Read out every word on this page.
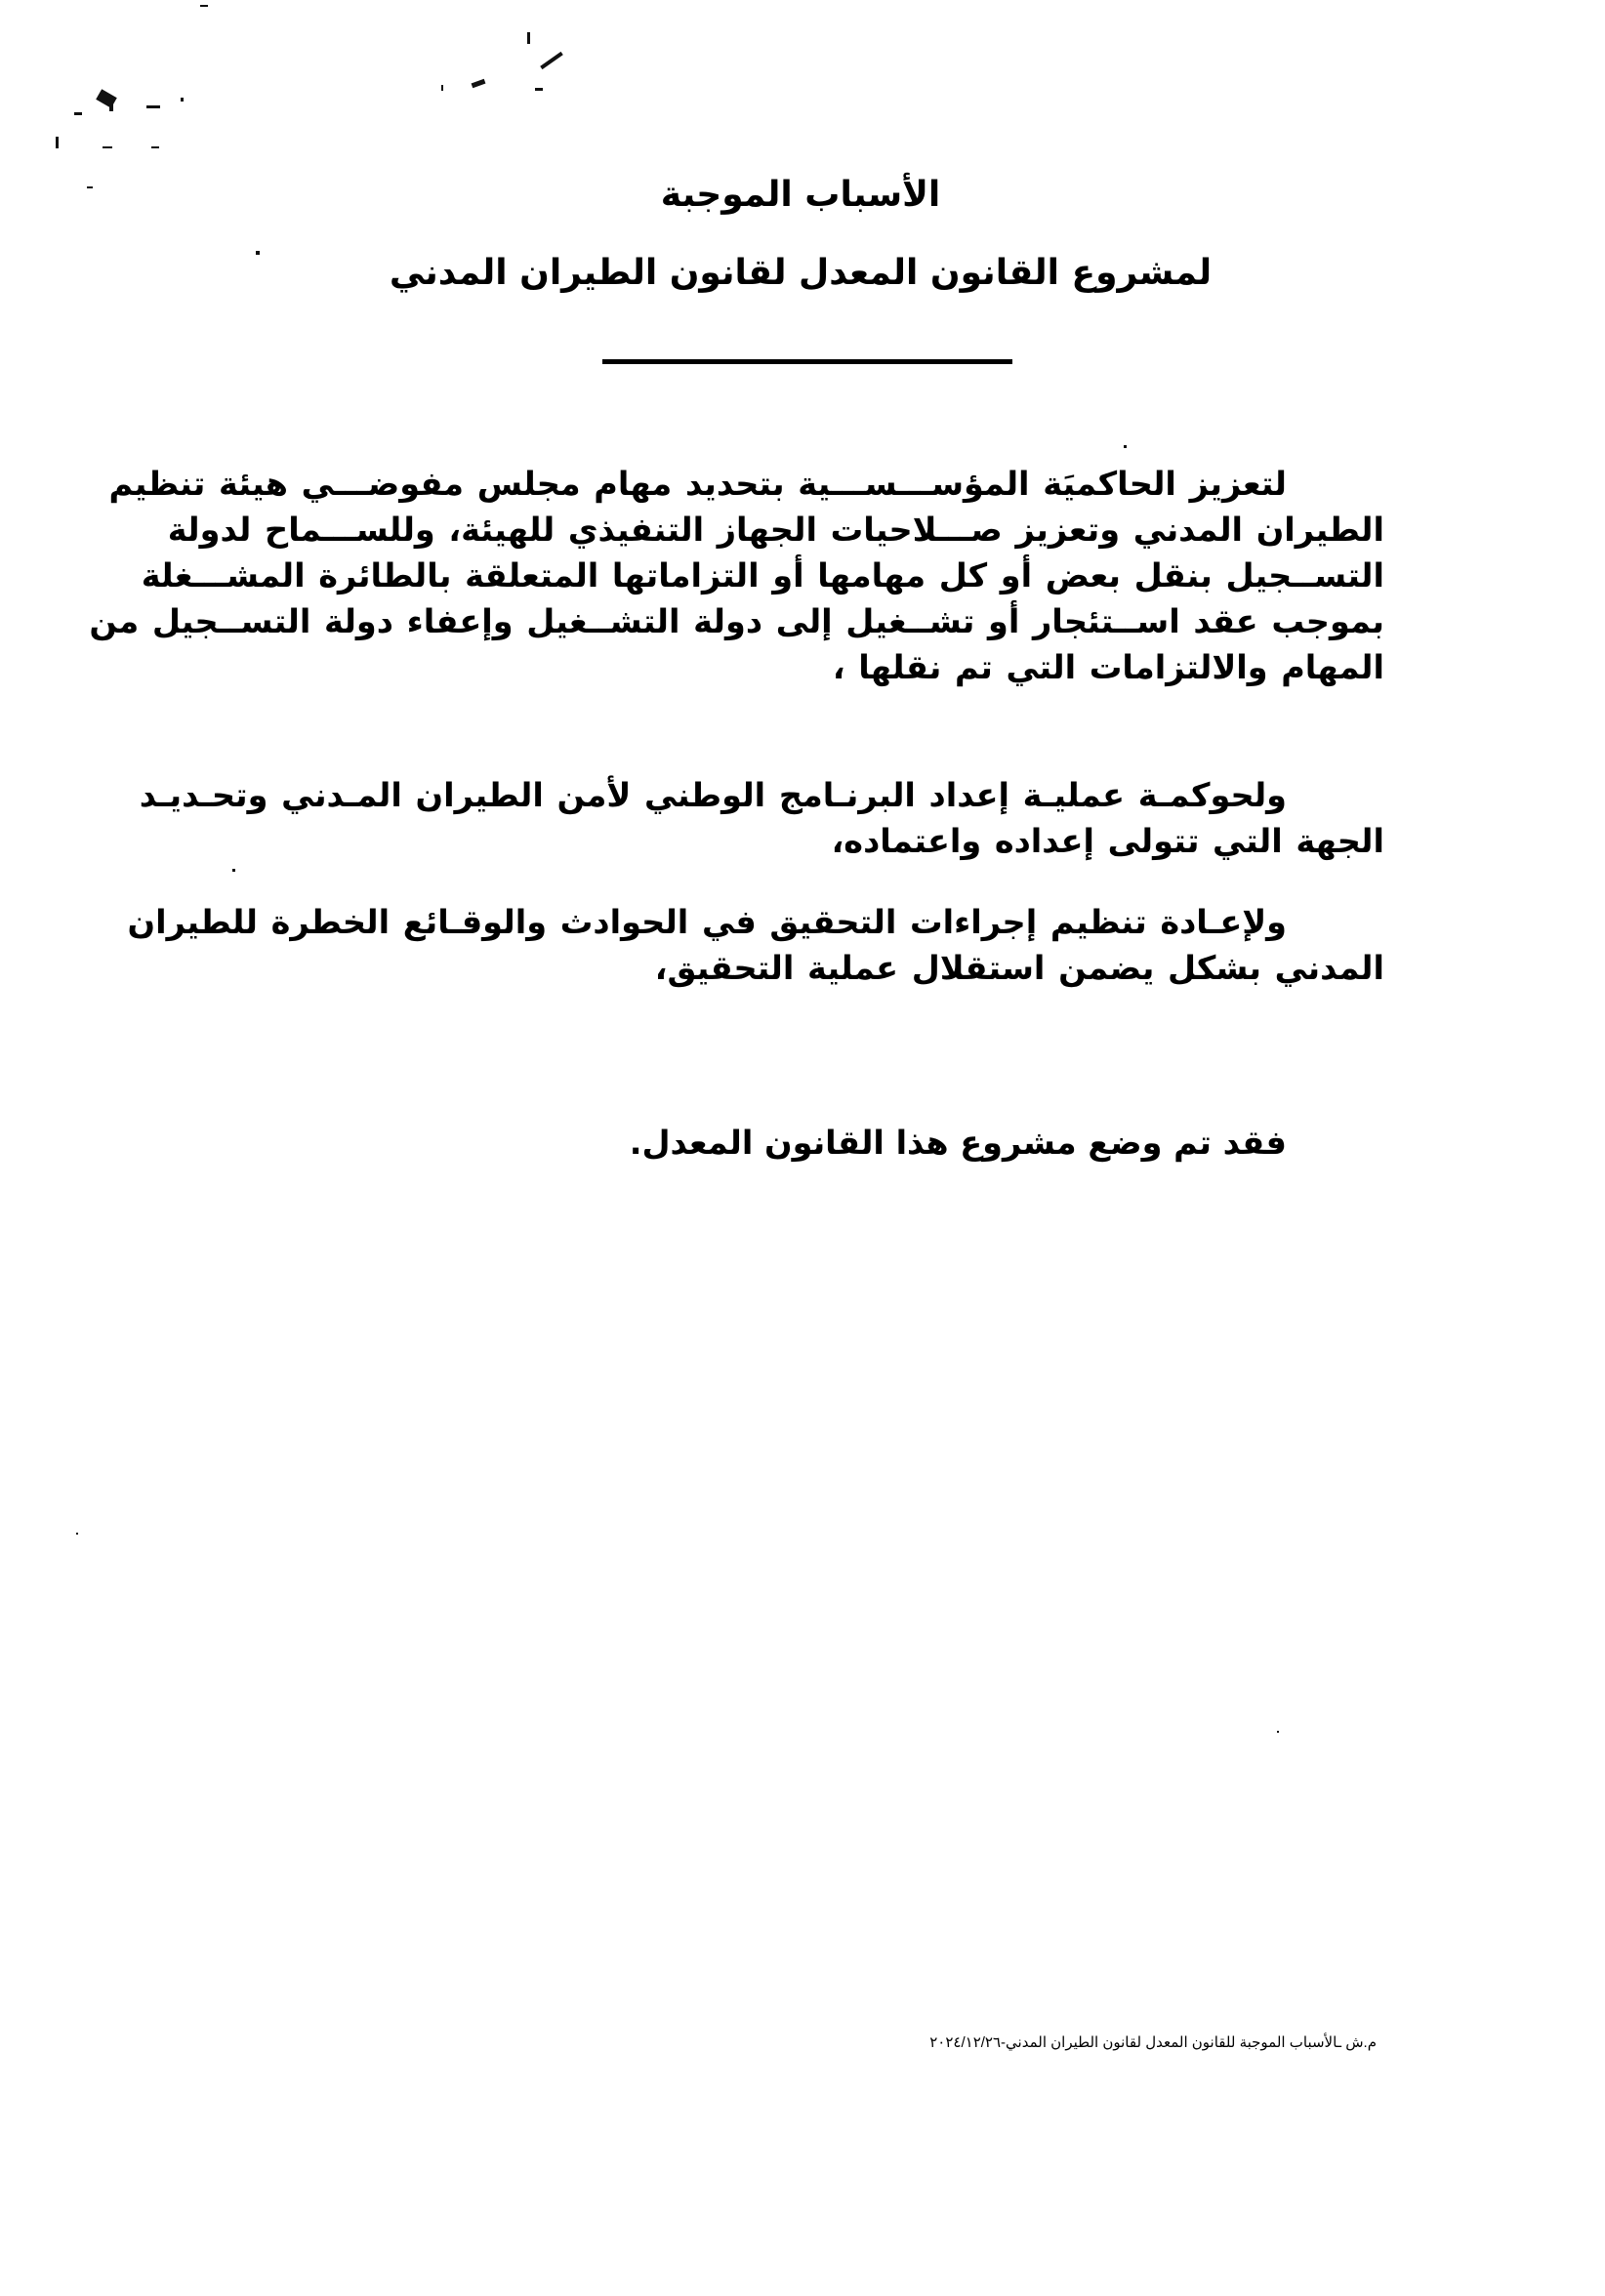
الأسباب الموجبة
لمشروع القانون المعدل لقانون الطيران المدني
لتعزيز الحاكميَة المؤســـســـية بتحديد مهام مجلس مفوضـــي هيئة تنظيم
الطيران المدني وتعزيز صـــلاحيات الجهاز التنفيذي للهيئة، وللســـماح لدولة
التســجيل بنقل بعض أو كل مهامها أو التزاماتها المتعلقة بالطائرة المشـــغلة
بموجب عقد اســتئجار أو تشــغيل إلى دولة التشــغيل وإعفاء دولة التســجيل من
المهام والالتزامات التي تم نقلها ،
ولحوكمـة عمليـة إعداد البرنـامج الوطني لأمن الطيران المـدني وتحـديـد
الجهة التي تتولى إعداده واعتماده،
ولإعـادة تنظيم إجراءات التحقيق في الحوادث والوقـائع الخطرة للطيران
المدني بشكل يضمن استقلال عملية التحقيق،
فقد تم وضع مشروع هذا القانون المعدل.
م.ش ـالأسباب الموجبة للقانون المعدل لقانون الطيران المدني-٢٠٢٤/١٢/٢٦
